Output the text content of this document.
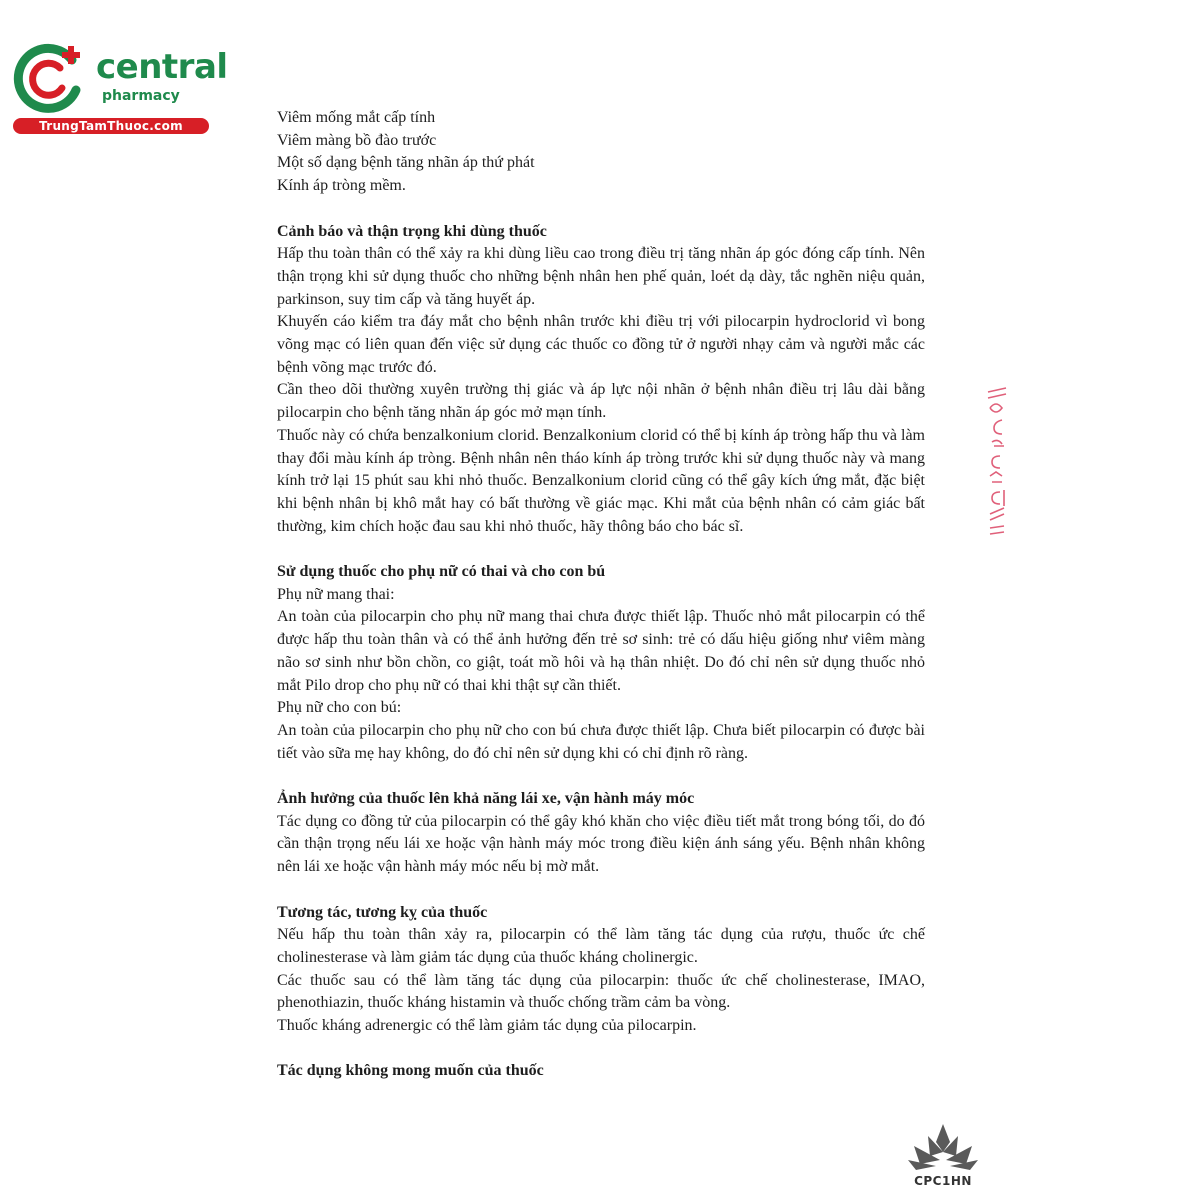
central
pharmacy
TrungTamThuoc.com	Viêm mống mắt cấp tính

Viêm màng bồ đào trước

Một số dạng bệnh tăng nhãn áp thứ phát

Kính áp tròng mềm.

Cảnh báo và thận trọng khi dùng thuốc

Hấp thu toàn thân có thể xảy ra khi dùng liều cao trong điều trị tăng nhãn áp góc đóng cấp tính. Nên thận trọng khi sử dụng thuốc cho những bệnh nhân hen phế quản, loét dạ dày, tắc nghẽn niệu quản, parkinson, suy tim cấp và tăng huyết áp.

Khuyến cáo kiểm tra đáy mắt cho bệnh nhân trước khi điều trị với pilocarpin hydroclorid vì bong võng mạc có liên quan đến việc sử dụng các thuốc co đồng tử ở người nhạy cảm và người mắc các bệnh võng mạc trước đó.

Cần theo dõi thường xuyên trường thị giác và áp lực nội nhãn ở bệnh nhân điều trị lâu dài bằng pilocarpin cho bệnh tăng nhãn áp góc mở mạn tính.

Thuốc này có chứa benzalkonium clorid. Benzalkonium clorid có thể bị kính áp tròng hấp thu và làm thay đổi màu kính áp tròng. Bệnh nhân nên tháo kính áp tròng trước khi sử dụng thuốc này và mang kính trở lại 15 phút sau khi nhỏ thuốc. Benzalkonium clorid cũng có thể gây kích ứng mắt, đặc biệt khi bệnh nhân bị khô mắt hay có bất thường về giác mạc. Khi mắt của bệnh nhân có cảm giác bất thường, kim chích hoặc đau sau khi nhỏ thuốc, hãy thông báo cho bác sĩ.

Sử dụng thuốc cho phụ nữ có thai và cho con bú

Phụ nữ mang thai:

An toàn của pilocarpin cho phụ nữ mang thai chưa được thiết lập. Thuốc nhỏ mắt pilocarpin có thể được hấp thu toàn thân và có thể ảnh hưởng đến trẻ sơ sinh: trẻ có dấu hiệu giống như viêm màng não sơ sinh như bồn chồn, co giật, toát mồ hôi và hạ thân nhiệt. Do đó chỉ nên sử dụng thuốc nhỏ mắt Pilo drop cho phụ nữ có thai khi thật sự cần thiết.

Phụ nữ cho con bú:

An toàn của pilocarpin cho phụ nữ cho con bú chưa được thiết lập. Chưa biết pilocarpin có được bài tiết vào sữa mẹ hay không, do đó chỉ nên sử dụng khi có chỉ định rõ ràng.

Ảnh hưởng của thuốc lên khả năng lái xe, vận hành máy móc

Tác dụng co đồng tử của pilocarpin có thể gây khó khăn cho việc điều tiết mắt trong bóng tối, do đó cần thận trọng nếu lái xe hoặc vận hành máy móc trong điều kiện ánh sáng yếu. Bệnh nhân không nên lái xe hoặc vận hành máy móc nếu bị mờ mắt.

Tương tác, tương kỵ của thuốc

Nếu hấp thu toàn thân xảy ra, pilocarpin có thể làm tăng tác dụng của rượu, thuốc ức chế cholinesterase và làm giảm tác dụng của thuốc kháng cholinergic.

Các thuốc sau có thể làm tăng tác dụng của pilocarpin: thuốc ức chế cholinesterase, IMAO, phenothiazin, thuốc kháng histamin và thuốc chống trầm cảm ba vòng.

Thuốc kháng adrenergic có thể làm giảm tác dụng của pilocarpin.

Tác dụng không mong muốn của thuốc
CPC1HN
